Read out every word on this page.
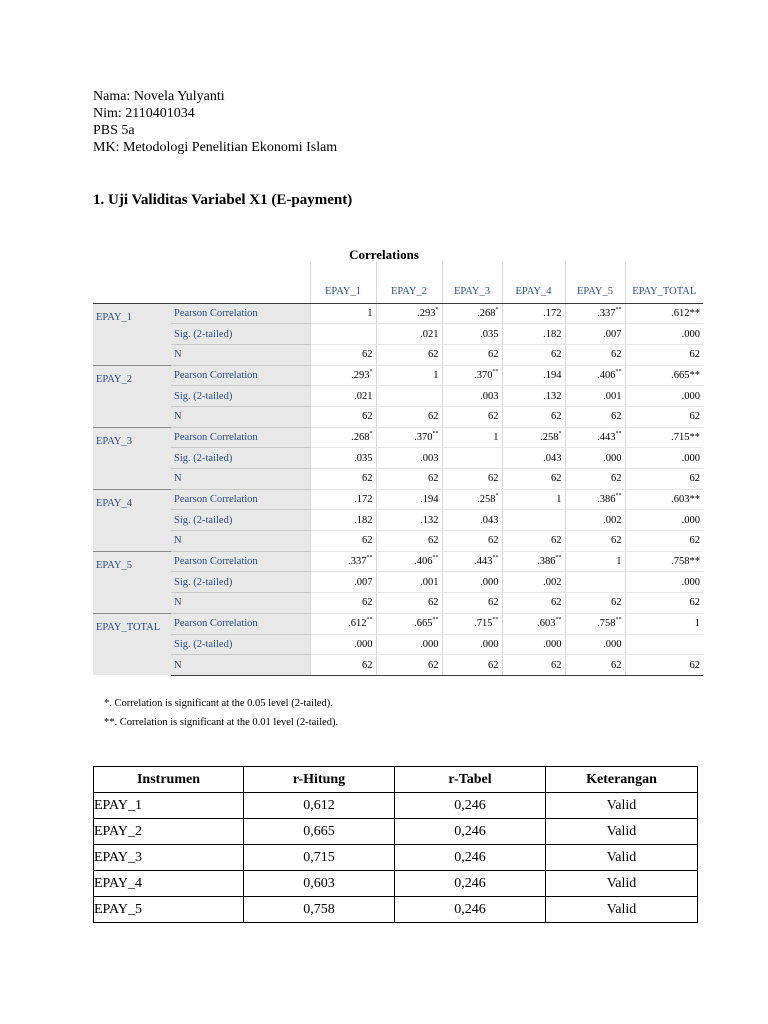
Nama: Novela Yulyanti
Nim: 2110401034
PBS 5a
MK: Metodologi Penelitian Ekonomi Islam
1. Uji Validitas Variabel X1 (E-payment)
Correlations
		EPAY_1	EPAY_2	EPAY_3	EPAY_4	EPAY_5	EPAY_TOTAL
EPAY_1	Pearson Correlation	1	.293*	.268*	.172	.337**	.612**
	Sig. (2-tailed)		.021	.035	.182	.007	.000
	N	62	62	62	62	62	62
EPAY_2	Pearson Correlation	.293*	1	.370**	.194	.406**	.665**
	Sig. (2-tailed)	.021		.003	.132	.001	.000
	N	62	62	62	62	62	62
EPAY_3	Pearson Correlation	.268*	.370**	1	.258*	.443**	.715**
	Sig. (2-tailed)	.035	.003		.043	.000	.000
	N	62	62	62	62	62	62
EPAY_4	Pearson Correlation	.172	.194	.258*	1	.386**	.603**
	Sig. (2-tailed)	.182	.132	.043		.002	.000
	N	62	62	62	62	62	62
EPAY_5	Pearson Correlation	.337**	.406**	.443**	.386**	1	.758**
	Sig. (2-tailed)	.007	.001	.000	.002		.000
	N	62	62	62	62	62	62
EPAY_TOTAL	Pearson Correlation	.612**	.665**	.715**	.603**	.758**	1
	Sig. (2-tailed)	.000	.000	.000	.000	.000	
	N	62	62	62	62	62	62
*. Correlation is significant at the 0.05 level (2-tailed).
**. Correlation is significant at the 0.01 level (2-tailed).
Instrumen	r-Hitung	r-Tabel	Keterangan
EPAY_1	0,612	0,246	Valid
EPAY_2	0,665	0,246	Valid
EPAY_3	0,715	0,246	Valid
EPAY_4	0,603	0,246	Valid
EPAY_5	0,758	0,246	Valid
